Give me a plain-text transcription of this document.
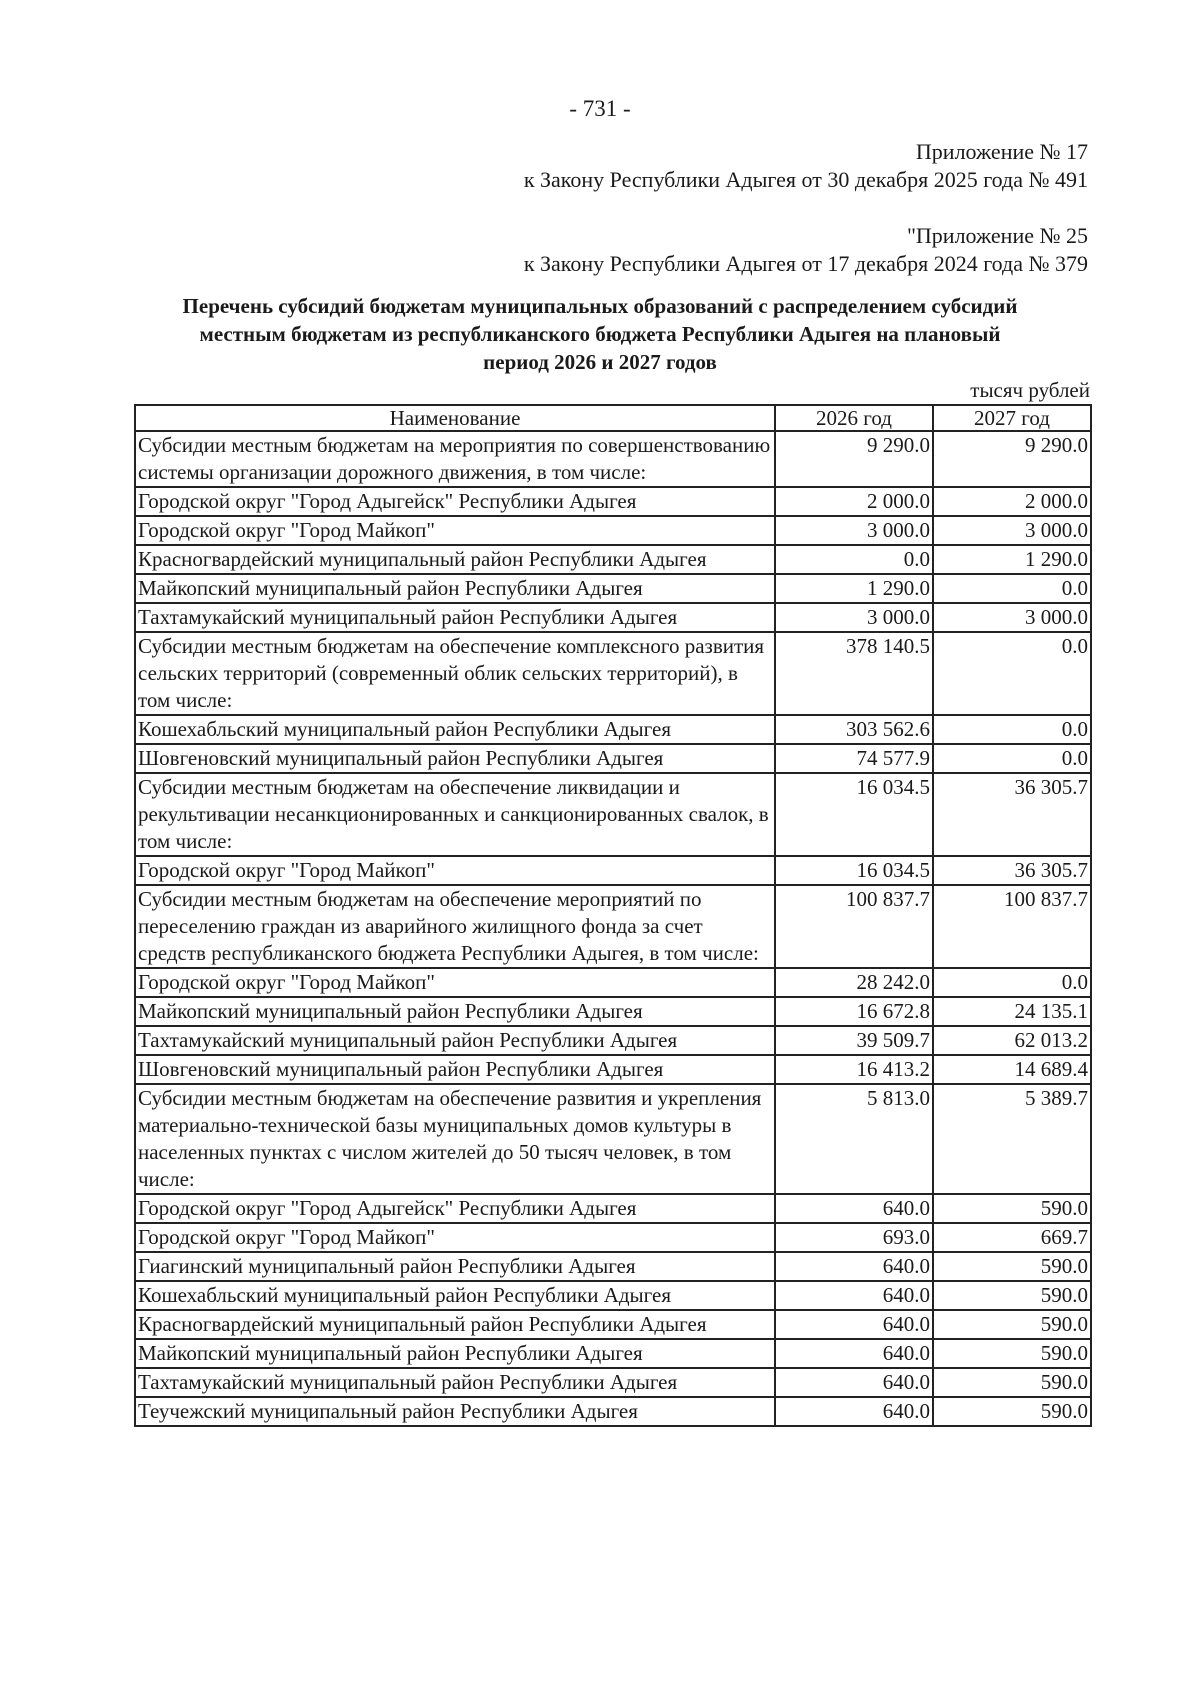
- 731 -
Приложение № 17
к Закону Республики Адыгея от 30 декабря 2025 года № 491
"Приложение № 25
к Закону Республики Адыгея от 17 декабря 2024 года № 379
Перечень субсидий бюджетам муниципальных образований с распределением субсидий
местным бюджетам из республиканского бюджета Республики Адыгея на плановый
период 2026 и 2027 годов
тысяч рублей
Наименование	2026 год	2027 год
Субсидии местным бюджетам на мероприятия по совершенствованию системы организации дорожного движения, в том числе:	9 290.0	9 290.0
Городской округ "Город Адыгейск" Республики Адыгея	2 000.0	2 000.0
Городской округ "Город Майкоп"	3 000.0	3 000.0
Красногвардейский муниципальный район Республики Адыгея	0.0	1 290.0
Майкопский муниципальный район Республики Адыгея	1 290.0	0.0
Тахтамукайский муниципальный район Республики Адыгея	3 000.0	3 000.0
Субсидии местным бюджетам на обеспечение комплексного развития сельских территорий (современный облик сельских территорий), в том числе:	378 140.5	0.0
Кошехабльский муниципальный район Республики Адыгея	303 562.6	0.0
Шовгеновский муниципальный район Республики Адыгея	74 577.9	0.0
Субсидии местным бюджетам на обеспечение ликвидации и рекультивации несанкционированных и санкционированных свалок, в том числе:	16 034.5	36 305.7
Городской округ "Город Майкоп"	16 034.5	36 305.7
Субсидии местным бюджетам на обеспечение мероприятий по переселению граждан из аварийного жилищного фонда за счет средств республиканского бюджета Республики Адыгея, в том числе:	100 837.7	100 837.7
Городской округ "Город Майкоп"	28 242.0	0.0
Майкопский муниципальный район Республики Адыгея	16 672.8	24 135.1
Тахтамукайский муниципальный район Республики Адыгея	39 509.7	62 013.2
Шовгеновский муниципальный район Республики Адыгея	16 413.2	14 689.4
Субсидии местным бюджетам на обеспечение развития и укрепления материально-технической базы муниципальных домов культуры в населенных пунктах с числом жителей до 50 тысяч человек, в том числе:	5 813.0	5 389.7
Городской округ "Город Адыгейск" Республики Адыгея	640.0	590.0
Городской округ "Город Майкоп"	693.0	669.7
Гиагинский муниципальный район Республики Адыгея	640.0	590.0
Кошехабльский муниципальный район Республики Адыгея	640.0	590.0
Красногвардейский муниципальный район Республики Адыгея	640.0	590.0
Майкопский муниципальный район Республики Адыгея	640.0	590.0
Тахтамукайский муниципальный район Республики Адыгея	640.0	590.0
Теучежский муниципальный район Республики Адыгея	640.0	590.0
